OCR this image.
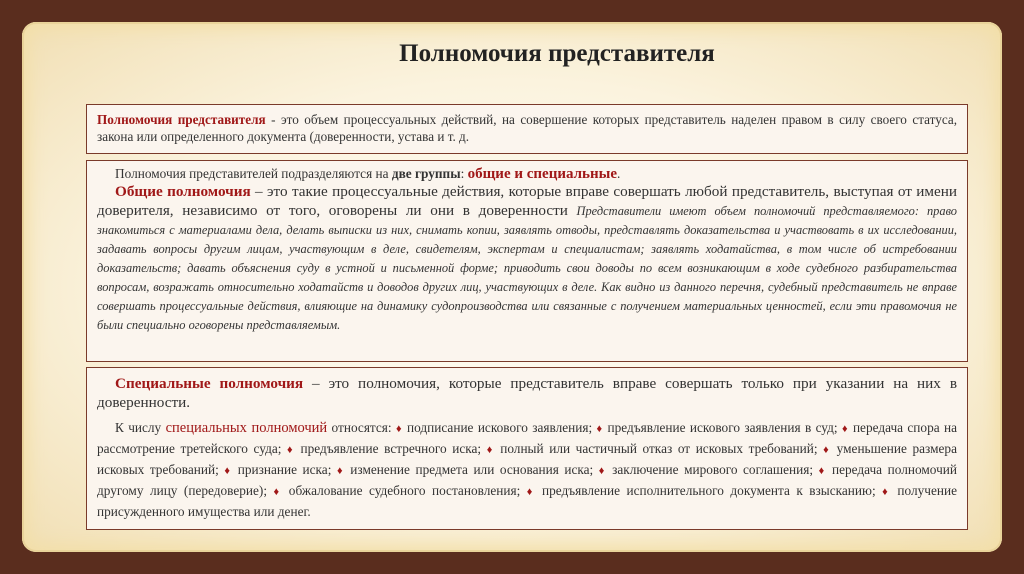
Полномочия представителя
Полномочия представителя - это объем процессуальных действий, на совершение которых представитель наделен правом в силу своего статуса, закона или определенного документа (доверенности, устава и т. д.

Полномочия представителей подразделяются на две группы: общие и специальные.

Общие полномочия – это такие процессуальные действия, которые вправе совершать любой представитель, выступая от имени доверителя, независимо от того, оговорены ли они в доверенности Представители имеют объем полномочий представляемого: право знакомиться с материалами дела, делать выписки из них, снимать копии, заявлять отводы, представлять доказательства и участвовать в их исследовании, задавать вопросы другим лицам, участвующим в деле, свидетелям, экспертам и специалистам; заявлять ходатайства, в том числе об истребовании доказательств; давать объяснения суду в устной и письменной форме; приводить свои доводы по всем возникающим в ходе судебного разбирательства вопросам, возражать относительно ходатайств и доводов других лиц, участвующих в деле. Как видно из данного перечня, судебный представитель не вправе совершать процессуальные действия, влияющие на динамику судопроизводства или связанные с получением материальных ценностей, если эти правомочия не были специально оговорены представляемым.

Специальные полномочия – это полномочия, которые представитель вправе совершать только при указании на них в доверенности.

К числу специальных полномочий относятся: ♦ подписание искового заявления; ♦ предъявление искового заявления в суд; ♦ передача спора на рассмотрение третейского суда; ♦ предъявление встречного иска; ♦ полный или частичный отказ от исковых требований; ♦ уменьшение размера исковых требований; ♦ признание иска; ♦ изменение предмета или основания иска; ♦ заключение мирового соглашения; ♦ передача полномочий другому лицу (передоверие); ♦ обжалование судебного постановления; ♦ предъявление исполнительного документа к взысканию; ♦ получение присужденного имущества или денег.
